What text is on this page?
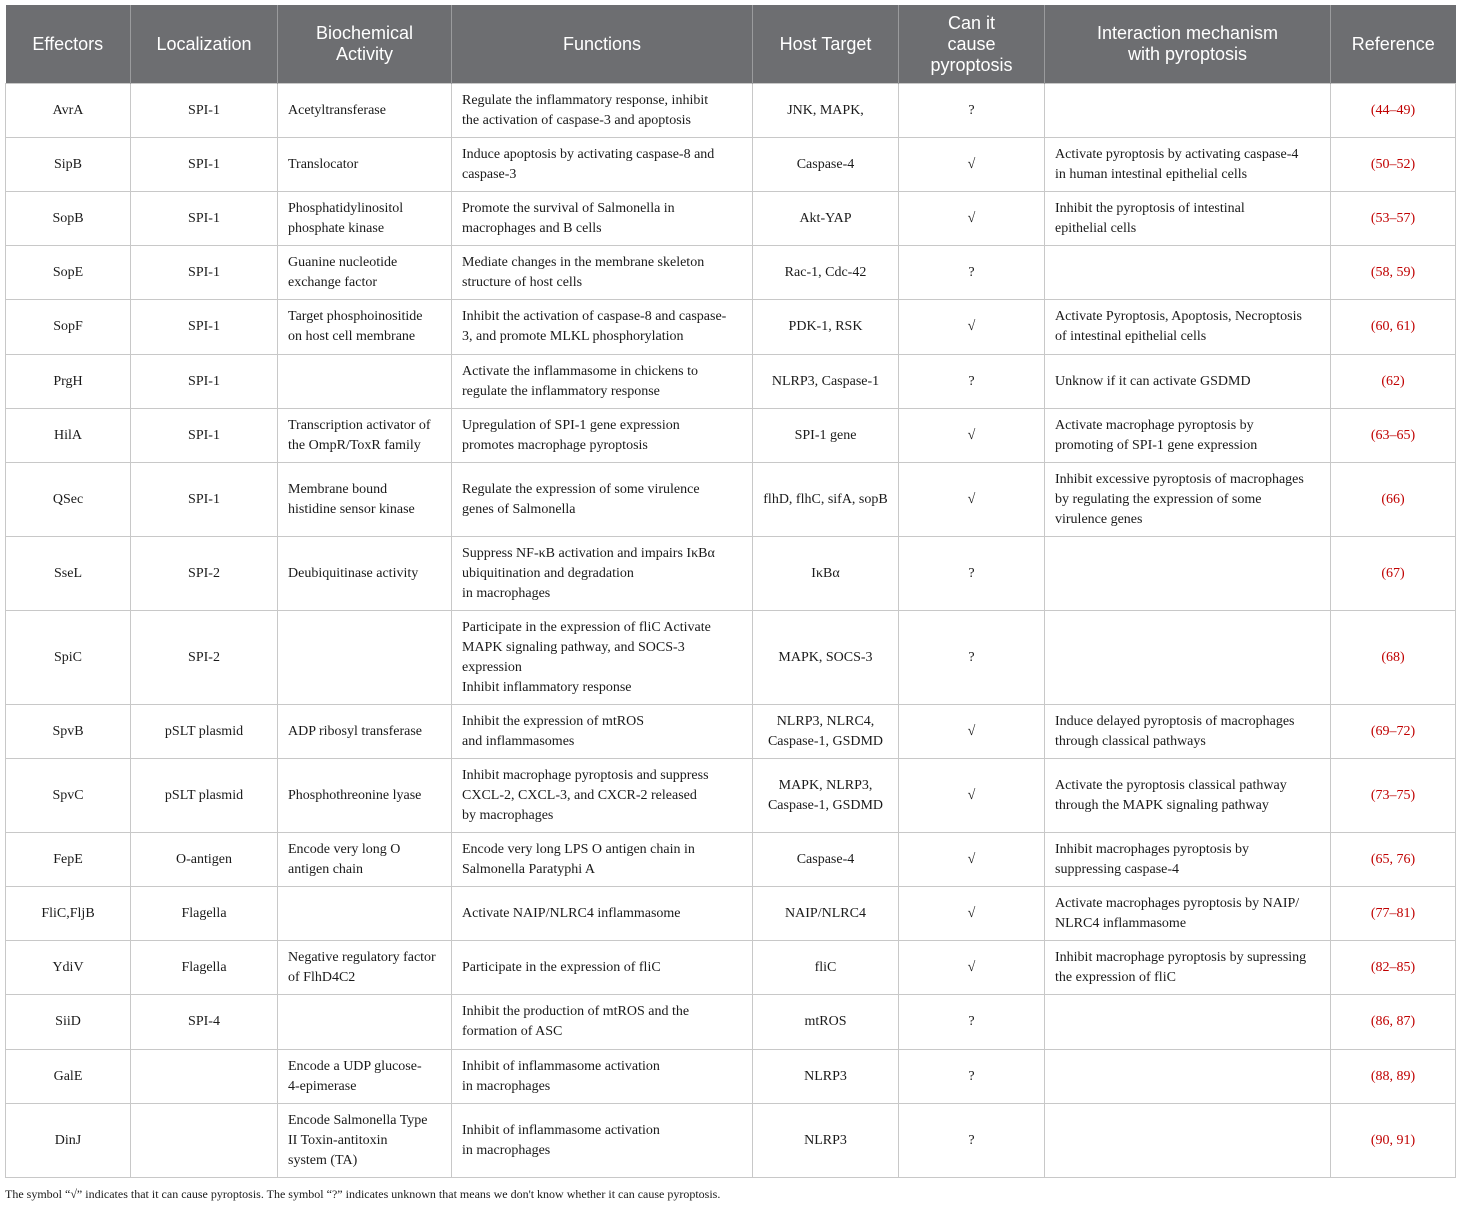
Effectors	Localization	Biochemical
Activity	Functions	Host Target	Can it
cause
pyroptosis	Interaction mechanism
with pyroptosis	Reference
AvrA	SPI-1	Acetyltransferase	Regulate the inflammatory response, inhibit
the activation of caspase-3 and apoptosis	JNK, MAPK,	?		(44–49)
SipB	SPI-1	Translocator	Induce apoptosis by activating caspase-8 and
caspase-3	Caspase-4	√	Activate pyroptosis by activating caspase-4
in human intestinal epithelial cells	(50–52)
SopB	SPI-1	Phosphatidylinositol
phosphate kinase	Promote the survival of Salmonella in
macrophages and B cells	Akt-YAP	√	Inhibit the pyroptosis of intestinal
epithelial cells	(53–57)
SopE	SPI-1	Guanine nucleotide
exchange factor	Mediate changes in the membrane skeleton
structure of host cells	Rac-1, Cdc-42	?		(58, 59)
SopF	SPI-1	Target phosphoinositide
on host cell membrane	Inhibit the activation of caspase-8 and caspase-
3, and promote MLKL phosphorylation	PDK-1, RSK	√	Activate Pyroptosis, Apoptosis, Necroptosis
of intestinal epithelial cells	(60, 61)
PrgH	SPI-1		Activate the inflammasome in chickens to
regulate the inflammatory response	NLRP3, Caspase-1	?	Unknow if it can activate GSDMD	(62)
HilA	SPI-1	Transcription activator of
the OmpR/ToxR family	Upregulation of SPI-1 gene expression
promotes macrophage pyroptosis	SPI-1 gene	√	Activate macrophage pyroptosis by
promoting of SPI-1 gene expression	(63–65)
QSec	SPI-1	Membrane bound
histidine sensor kinase	Regulate the expression of some virulence
genes of Salmonella	flhD, flhC, sifA, sopB	√	Inhibit excessive pyroptosis of macrophages
by regulating the expression of some
virulence genes	(66)
SseL	SPI-2	Deubiquitinase activity	Suppress NF-κB activation and impairs IκBα
ubiquitination and degradation
in macrophages	IκBα	?		(67)
SpiC	SPI-2		Participate in the expression of fliC Activate
MAPK signaling pathway, and SOCS-3
expression
Inhibit inflammatory response	MAPK, SOCS-3	?		(68)
SpvB	pSLT plasmid	ADP ribosyl transferase	Inhibit the expression of mtROS
and inflammasomes	NLRP3, NLRC4,
Caspase-1, GSDMD	√	Induce delayed pyroptosis of macrophages
through classical pathways	(69–72)
SpvC	pSLT plasmid	Phosphothreonine lyase	Inhibit macrophage pyroptosis and suppress
CXCL-2, CXCL-3, and CXCR-2 released
by macrophages	MAPK, NLRP3,
Caspase-1, GSDMD	√	Activate the pyroptosis classical pathway
through the MAPK signaling pathway	(73–75)
FepE	O-antigen	Encode very long O
antigen chain	Encode very long LPS O antigen chain in
Salmonella Paratyphi A	Caspase-4	√	Inhibit macrophages pyroptosis by
suppressing caspase-4	(65, 76)
FliC,FljB	Flagella		Activate NAIP/NLRC4 inflammasome	NAIP/NLRC4	√	Activate macrophages pyroptosis by NAIP/
NLRC4 inflammasome	(77–81)
YdiV	Flagella	Negative regulatory factor
of FlhD4C2	Participate in the expression of fliC	fliC	√	Inhibit macrophage pyroptosis by supressing
the expression of fliC	(82–85)
SiiD	SPI-4		Inhibit the production of mtROS and the
formation of ASC	mtROS	?		(86, 87)
GalE		Encode a UDP glucose-
4-epimerase	Inhibit of inflammasome activation
in macrophages	NLRP3	?		(88, 89)
DinJ		Encode Salmonella Type
II Toxin-antitoxin
system (TA)	Inhibit of inflammasome activation
in macrophages	NLRP3	?		(90, 91)
The symbol “√” indicates that it can cause pyroptosis. The symbol “?” indicates unknown that means we don't know whether it can cause pyroptosis.
